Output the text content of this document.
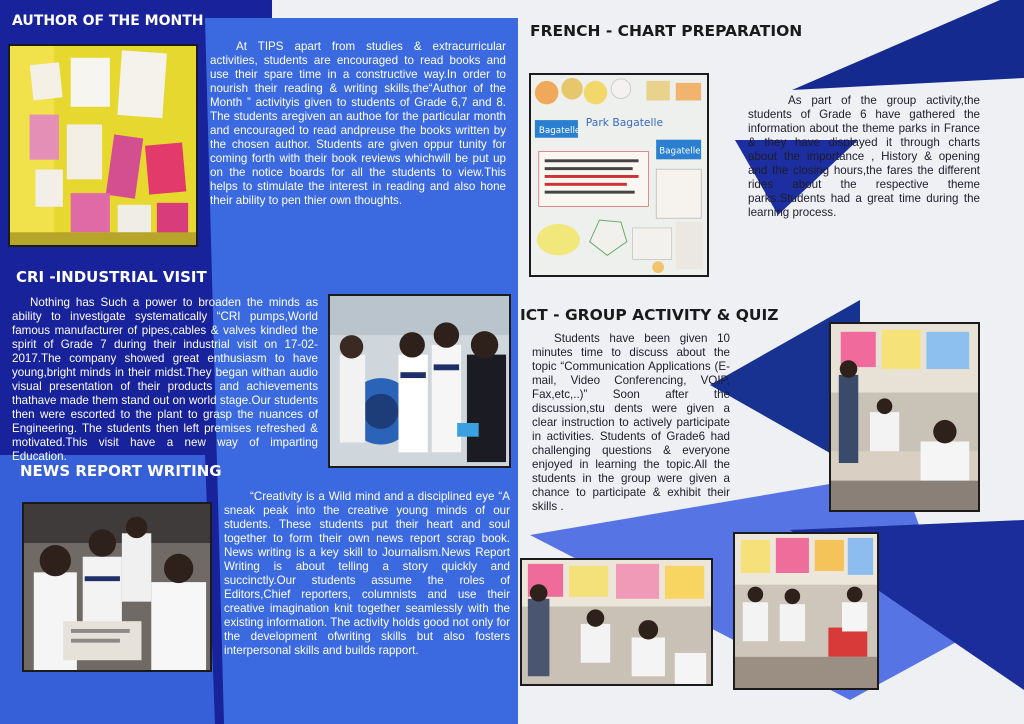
AUTHOR OF THE MONTH

At TIPS apart from studies & extracurricular activities, students are encouraged to read books and use their spare time in a constructive way.In order to nourish their reading & writing skills,the“Author of the Month ” activityis given to students of Grade 6,7 and 8. The students aregiven an authoe for the particular month and encouraged to read andpreuse the books written by the chosen author. Students are given oppur tunity for coming forth with their book reviews whichwill be put up on the notice boards for all the students to view.This helps to stimulate the interest in reading and also hone their ability to pen thier own thoughts.

CRI -INDUSTRIAL VISIT

Nothing has Such a power to broaden the minds as ability to investigate systematically “CRI pumps,World famous manufacturer of pipes,cables & valves kindled the spirit of Grade 7 during their industrial visit on 17-02-2017.The company showed great enthusiasm to have young,bright minds in their midst.They began withan audio visual presentation of their products and achievements thathave made them stand out on world stage.Our students then were escorted to the plant to grasp the nuances of Engineering. The students then left premises refreshed & motivated.This visit have a new way of imparting Education.

NEWS REPORT WRITING

“Creativity is a Wild mind and a disciplined eye “A sneak peak into the creative young minds of our students. These students put their heart and soul together to form their own news report scrap book. News writing is a key skill to Journalism.News Report Writing is about telling a story quickly and succinctly.Our students assume the roles of Editors,Chief reporters, columnists and use their creative imagination knit together seamlessly with the existing information. The activity holds good not only for the development ofwriting skills but also fosters interpersonal skills and builds rapport.

FRENCH - CHART PREPARATION
Bagatelle
Park Bagatelle
Bagatelle

As part of the group activity,the students of Grade 6 have gathered the information about the theme parks in France & they have displayed it through charts about the importance , History & opening and the closing hours,the fares the different rides about the respective theme parks.Students had a great time during the learning process.

ICT - GROUP ACTIVITY & QUIZ

Students have been given 10 minutes time to discuss about the topic “Communication Applications (E-mail, Video Conferencing, VOIP, Fax,etc,..)” Soon after the discussion,stu dents were given a clear instruction to actively participate in activities. Students of Grade6 had challenging questions & everyone enjoyed in learning the topic.All the students in the group were given a chance to participate & exhibit their skills .
